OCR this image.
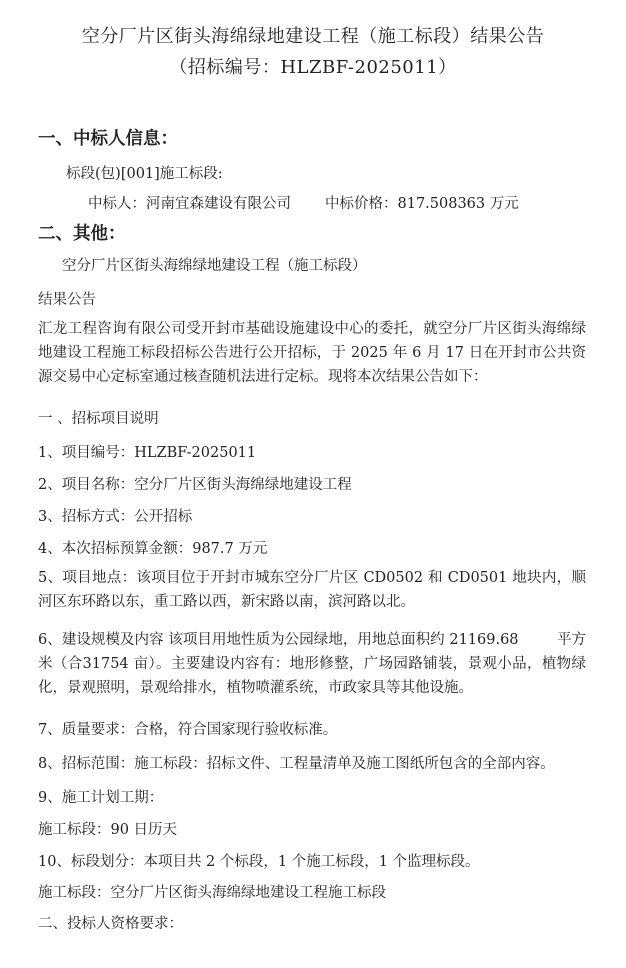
空分厂片区街头海绵绿地建设工程（施工标段）结果公告
（招标编号：HLZBF-2025011）
一、中标人信息：
标段(包)[001]施工标段:
中标人：河南宜森建设有限公司 中标价格：817.508363 万元
二、其他：
空分厂片区街头海绵绿地建设工程（施工标段）
结果公告
汇龙工程咨询有限公司受开封市基础设施建设中心的委托，就空分厂片区街头海绵绿地建设工程施工标段招标公告进行公开招标，于 2025 年 6 月 17 日在开封市公共资源交易中心定标室通过核查随机法进行定标。现将本次结果公告如下：
一 、招标项目说明
1、项目编号：HLZBF-2025011
2、项目名称：空分厂片区街头海绵绿地建设工程
3、招标方式：公开招标
4、本次招标预算金额：987.7 万元
5、项目地点：该项目位于开封市城东空分厂片区 CD0502 和 CD0501 地块内，顺河区东环路以东，重工路以西，新宋路以南，滨河路以北。
6、建设规模及内容 该项目用地性质为公园绿地，用地总面积约 21169.68 　　 平方米（合31754 亩）。主要建设内容有：地形修整，广场园路铺装，景观小品，植物绿化，景观照明，景观给排水，植物喷灌系统，市政家具等其他设施。
7、质量要求：合格，符合国家现行验收标准。
8、招标范围：施工标段：招标文件、工程量清单及施工图纸所包含的全部内容。
9、施工计划工期：
施工标段：90 日历天
10、标段划分：本项目共 2 个标段，1 个施工标段，1 个监理标段。
施工标段：空分厂片区街头海绵绿地建设工程施工标段
二、投标人资格要求：
